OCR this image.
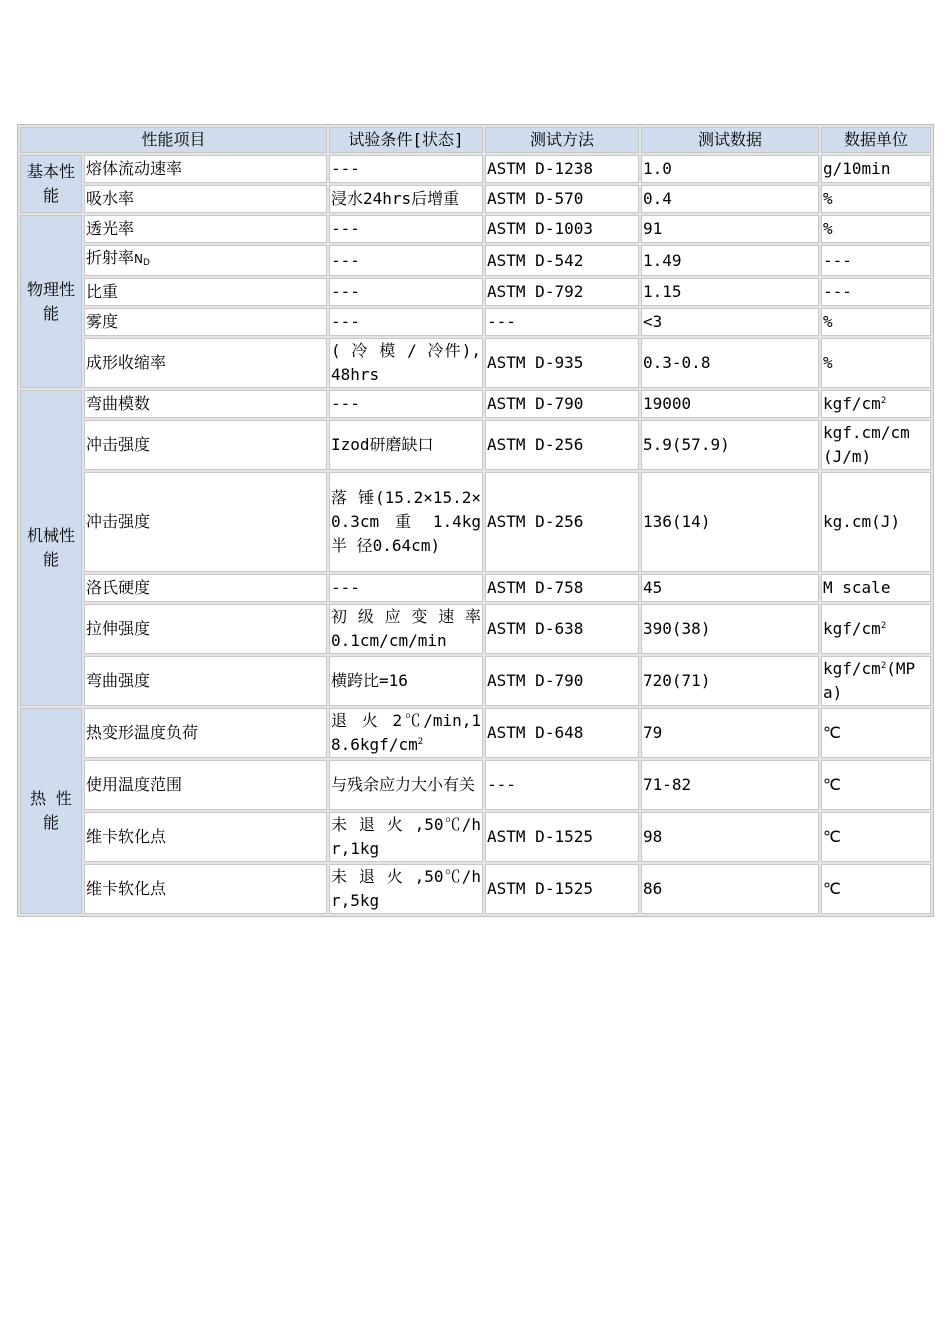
性能项目		试验条件[状态]	测试方法	测试数据	数据单位
基本性能	熔体流动速率	---	ASTM D-1238	1.0	g/10min
	吸水率	浸水24hrs后增重	ASTM D-570	0.4	%
物理性能	透光率	---	ASTM D-1003	91	%
	折射率$N_D$	---	ASTM D-542	1.49	---
	比重	---	ASTM D-792	1.15	---
	雾度	---	---	<3	%
	成形收缩率	( 冷 模 / 冷件),48hrs	ASTM D-935	0.3-0.8	%
机械性能	弯曲模数	---	ASTM D-790	19000	kgf/$cm^2$
	冲击强度	Izod研磨缺口	ASTM D-256	5.9(57.9)	kgf.cm/cm(J/m)
	冲击强度	落 锤(15.2×15.2×0.3cm 重 1.4kg 半 径0.64cm)	ASTM D-256	136(14)	kg.cm(J)
	洛氏硬度	---	ASTM D-758	45	M scale
	拉伸强度	初 级 应 变 速 率0.1cm/cm/min	ASTM D-638	390(38)	kgf/$cm^2$
	弯曲强度	横跨比=16	ASTM D-790	720(71)	kgf/$cm^2(MPa)$
热 性 能	热变形温度负荷	退 火 $2℃/\min,18.6kgf/cm^2$	ASTM D-648	79	℃
	使用温度范围	与残余应力大小有关	---	71-82	℃
	维卡软化点	未 退 火 ,50℃/hr,1kg	ASTM D-1525	98	℃
	维卡软化点	未 退 火 ,50℃/hr,5kg	ASTM D-1525	86	℃
